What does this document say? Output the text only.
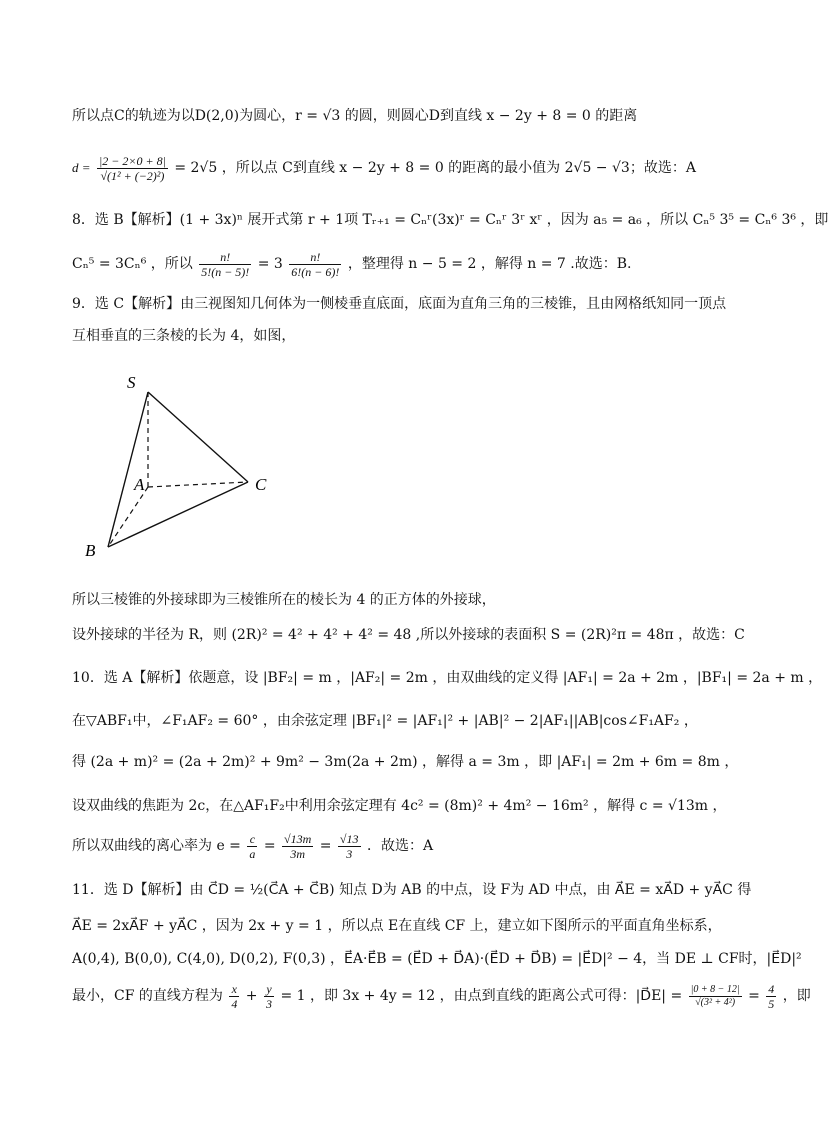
所以点C的轨迹为以D(2,0)为圆心，r = √3 的圆，则圆心D到直线 x − 2y + 8 = 0 的距离
$d = \frac{|2 - 2\times 0 + 8|}{\text{√(1² + (−2)²)}} = 2√5$ ，所以点 C到直线 x − 2y + 8 = 0 的距离的最小值为 2√5 − √3；故选：A
8．选 B【解析】(1 + 3x)ⁿ 展开式第 r + 1项 Tᵣ₊₁ = Cₙʳ(3x)ʳ = Cₙʳ 3ʳ xʳ ，因为 a₅ = a₆ ，所以 Cₙ⁵ 3⁵ = Cₙ⁶ 3⁶ ，即
Cₙ⁵ = 3Cₙ⁶ ，所以 $\frac{n!}{5!(n - 5)!} = 3 \frac{n!}{6!(n - 6)!}$ ，整理得 n − 5 = 2 ，解得 n = 7 .故选：B.
9．选 C【解析】由三视图知几何体为一侧棱垂直底面，底面为直角三角的三棱锥，且由网格纸知同一顶点
互相垂直的三条棱的长为 4，如图，
S
A
B
C
所以三棱锥的外接球即为三棱锥所在的棱长为 4 的正方体的外接球，
设外接球的半径为 R，则 (2R)² = 4² + 4² + 4² = 48 ,所以外接球的表面积 S = (2R)²π = 48π ，故选：C
10．选 A【解析】依题意，设 |BF₂| = m ，|AF₂| = 2m ，由双曲线的定义得 |AF₁| = 2a + 2m ，|BF₁| = 2a + m ，
在▽ABF₁中，∠F₁AF₂ = 60° ，由余弦定理 |BF₁|² = |AF₁|² + |AB|² − 2|AF₁||AB|cos∠F₁AF₂ ，
得 (2a + m)² = (2a + 2m)² + 9m² − 3m(2a + 2m) ，解得 a = 3m ，即 |AF₁| = 2m + 6m = 8m ，
设双曲线的焦距为 2c，在△AF₁F₂中利用余弦定理有 4c² = (8m)² + 4m² − 16m² ，解得 c = √13m ，
所以双曲线的离心率为 $e = \frac{c}{a} = \frac{√13m}{3m} = \frac{√13}{3}$ ．故选：A
11．选 D【解析】由 C⃗D = ½(C⃗A + C⃗B) 知点 D为 AB 的中点，设 F为 AD 中点，由 A⃗E = xA⃗D + yA⃗C 得
A⃗E = 2xA⃗F + yA⃗C ，因为 2x + y = 1 ，所以点 E在直线 CF 上，建立如下图所示的平面直角坐标系，
A(0,4), B(0,0), C(4,0), D(0,2), F(0,3) ，E⃗A·E⃗B = (E⃗D + D⃗A)·(E⃗D + D⃗B) = |E⃗D|² − 4，当 DE ⊥ CF时，|E⃗D|²
最小，CF 的直线方程为 $\frac{x}{4} + \frac{y}{3} = 1$ ，即 3x + 4y = 12 ，由点到直线的距离公式可得：|D⃗E| = $\frac{|0 + 8 - 12|}{\text{√(3² + 4²)}} = \frac{4}{5}$ ，即
